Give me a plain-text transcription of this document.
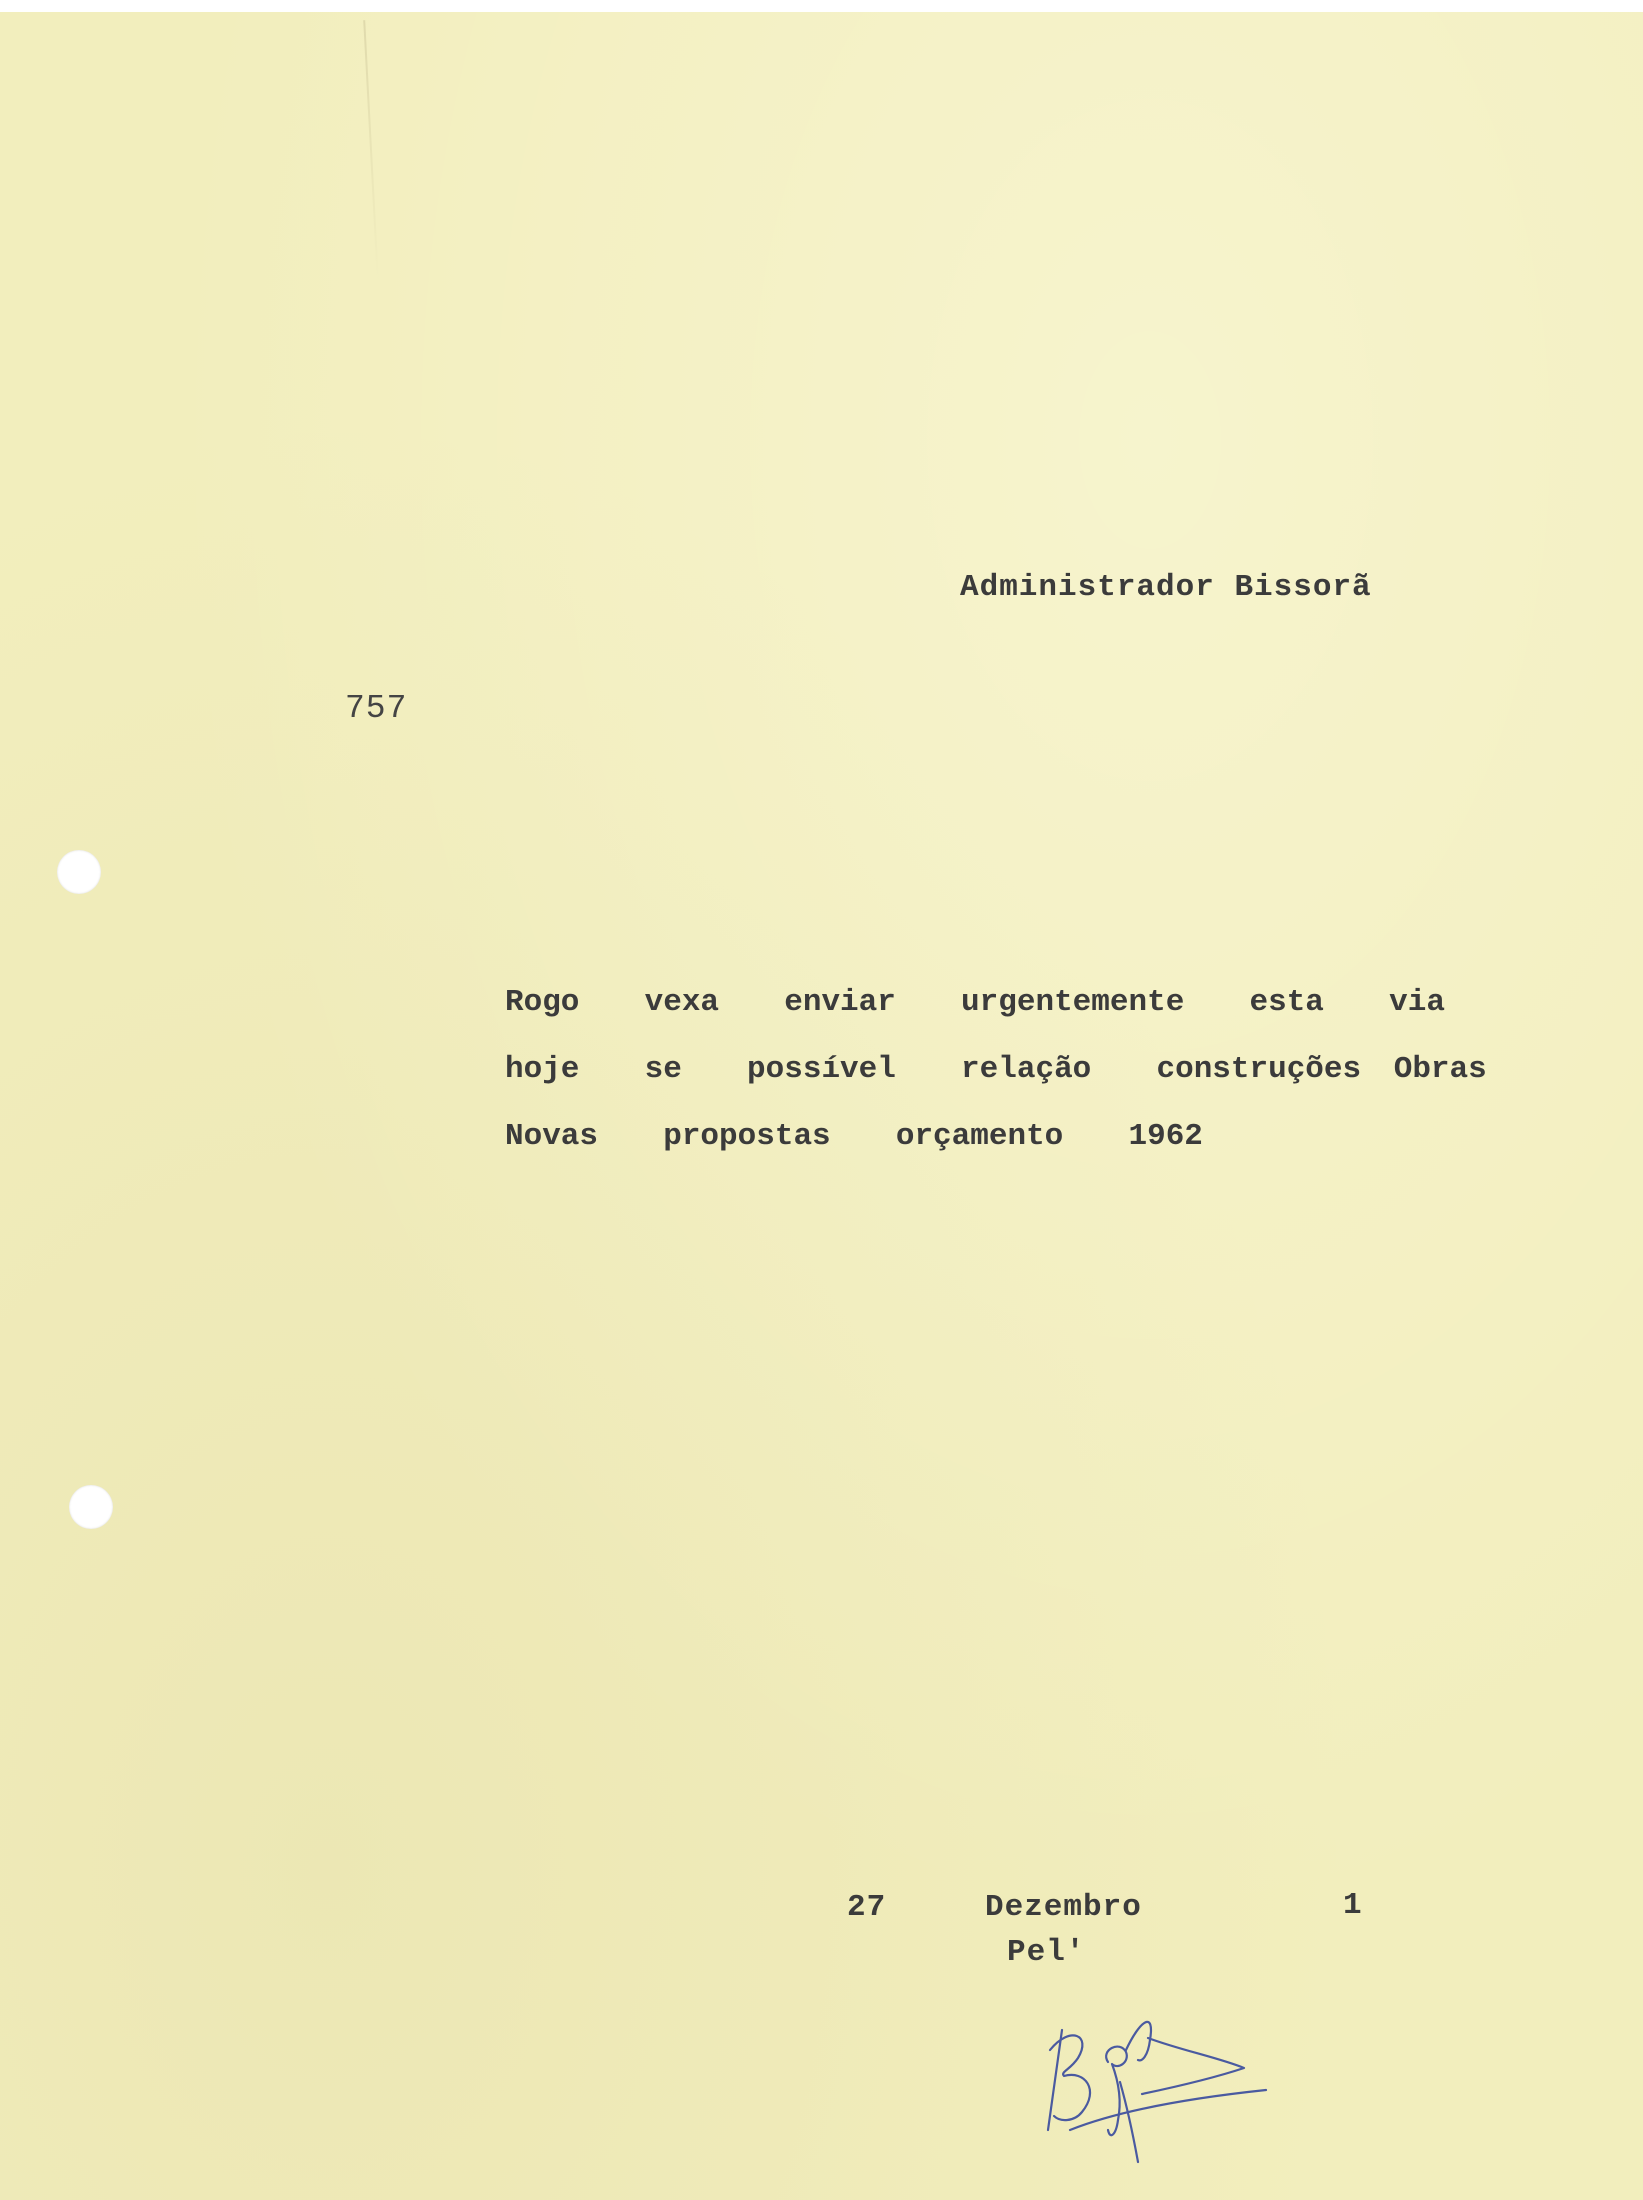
Administrador Bissorã
757
Rogo  vexa  enviar  urgentemente  esta  via
hoje  se  possível  relação  construções Obras
Novas  propostas  orçamento  1962
27	Dezembro	1
Pel'
